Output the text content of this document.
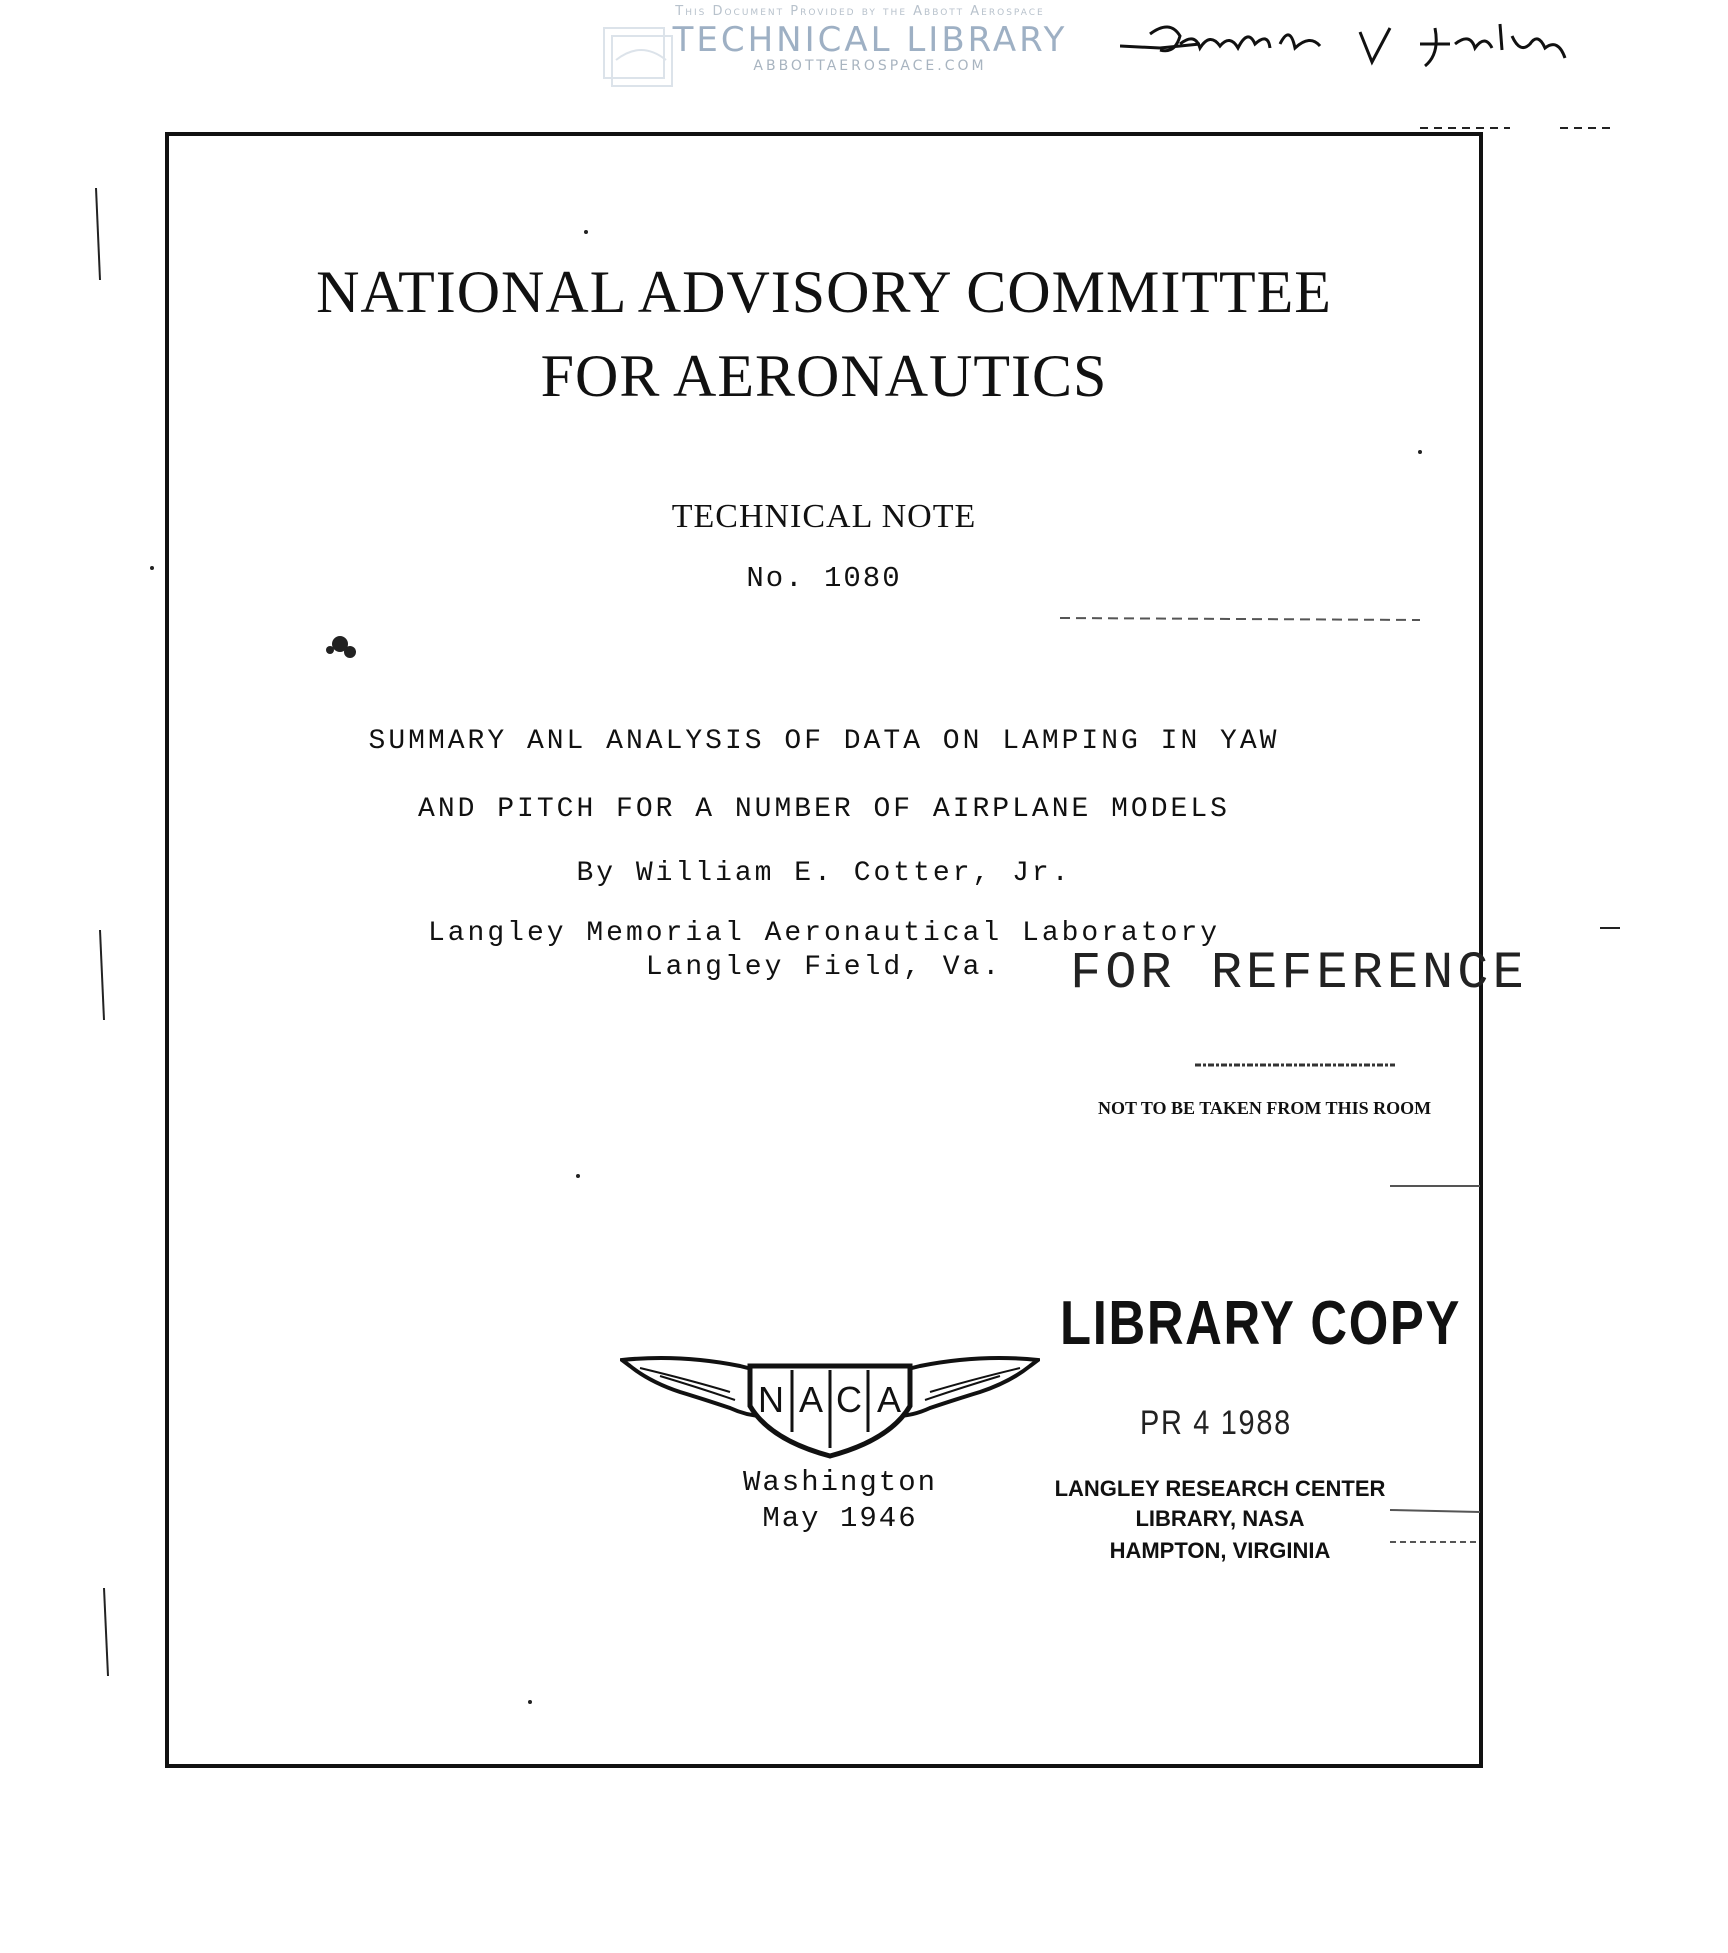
This Document Provided by the Abbott Aerospace
TECHNICAL LIBRARY
ABBOTTAEROSPACE.COM
NATIONAL ADVISORY COMMITTEE
FOR AERONAUTICS
TECHNICAL NOTE
No. 1080
SUMMARY ANL ANALYSIS OF DATA ON LAMPING IN YAW
AND PITCH FOR A NUMBER OF AIRPLANE MODELS
By William E. Cotter, Jr.
Langley Memorial Aeronautical Laboratory
Langley Field, Va.	FOR REFERENCE
NOT TO BE TAKEN FROM THIS ROOM
LIBRARY COPY
PR 4 1988
LANGLEY RESEARCH CENTER
LIBRARY, NASA
HAMPTON, VIRGINIA
N A C A
Washington
May 1946
